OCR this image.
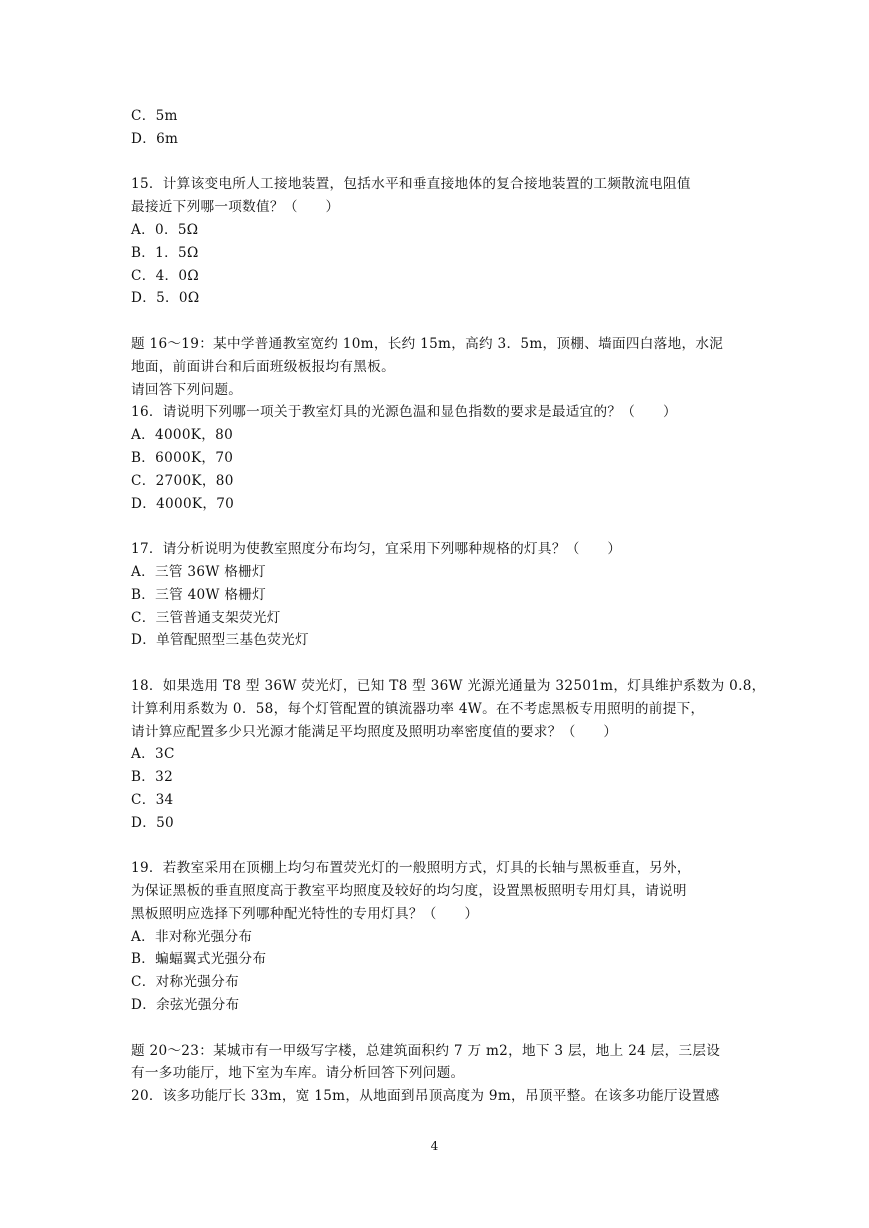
C．5m
D．6m
15．计算该变电所人工接地装置，包括水平和垂直接地体的复合接地装置的工频散流电阻值
最接近下列哪一项数值？（　　）
A．0．5Ω
B．1．5Ω
C．4．0Ω
D．5．0Ω
题 16～19：某中学普通教室宽约 10m，长约 15m，高约 3．5m，顶棚、墙面四白落地，水泥
地面，前面讲台和后面班级板报均有黑板。
请回答下列问题。
16．请说明下列哪一项关于教室灯具的光源色温和显色指数的要求是最适宜的？（　　）
A．4000K，80
B．6000K，70
C．2700K，80
D．4000K，70
17．请分析说明为使教室照度分布均匀，宜采用下列哪种规格的灯具？（　　）
A．三管 36W 格栅灯
B．三管 40W 格栅灯
C．三管普通支架荧光灯
D．单管配照型三基色荧光灯
18．如果选用 T8 型 36W 荧光灯，已知 T8 型 36W 光源光通量为 32501m，灯具维护系数为 0.8，
计算利用系数为 0．58，每个灯管配置的镇流器功率 4W。在不考虑黑板专用照明的前提下，
请计算应配置多少只光源才能满足平均照度及照明功率密度值的要求？（　　）
A．3C
B．32
C．34
D．50
19．若教室采用在顶棚上均匀布置荧光灯的一般照明方式，灯具的长轴与黑板垂直，另外，
为保证黑板的垂直照度高于教室平均照度及较好的均匀度，设置黑板照明专用灯具，请说明
黑板照明应选择下列哪种配光特性的专用灯具？（　　）
A．非对称光强分布
B．蝙蝠翼式光强分布
C．对称光强分布
D．余弦光强分布
题 20～23：某城市有一甲级写字楼，总建筑面积约 7 万 m2，地下 3 层，地上 24 层，三层设
有一多功能厅，地下室为车库。请分析回答下列问题。
20．该多功能厅长 33m，宽 15m，从地面到吊顶高度为 9m，吊顶平整。在该多功能厅设置感
4
